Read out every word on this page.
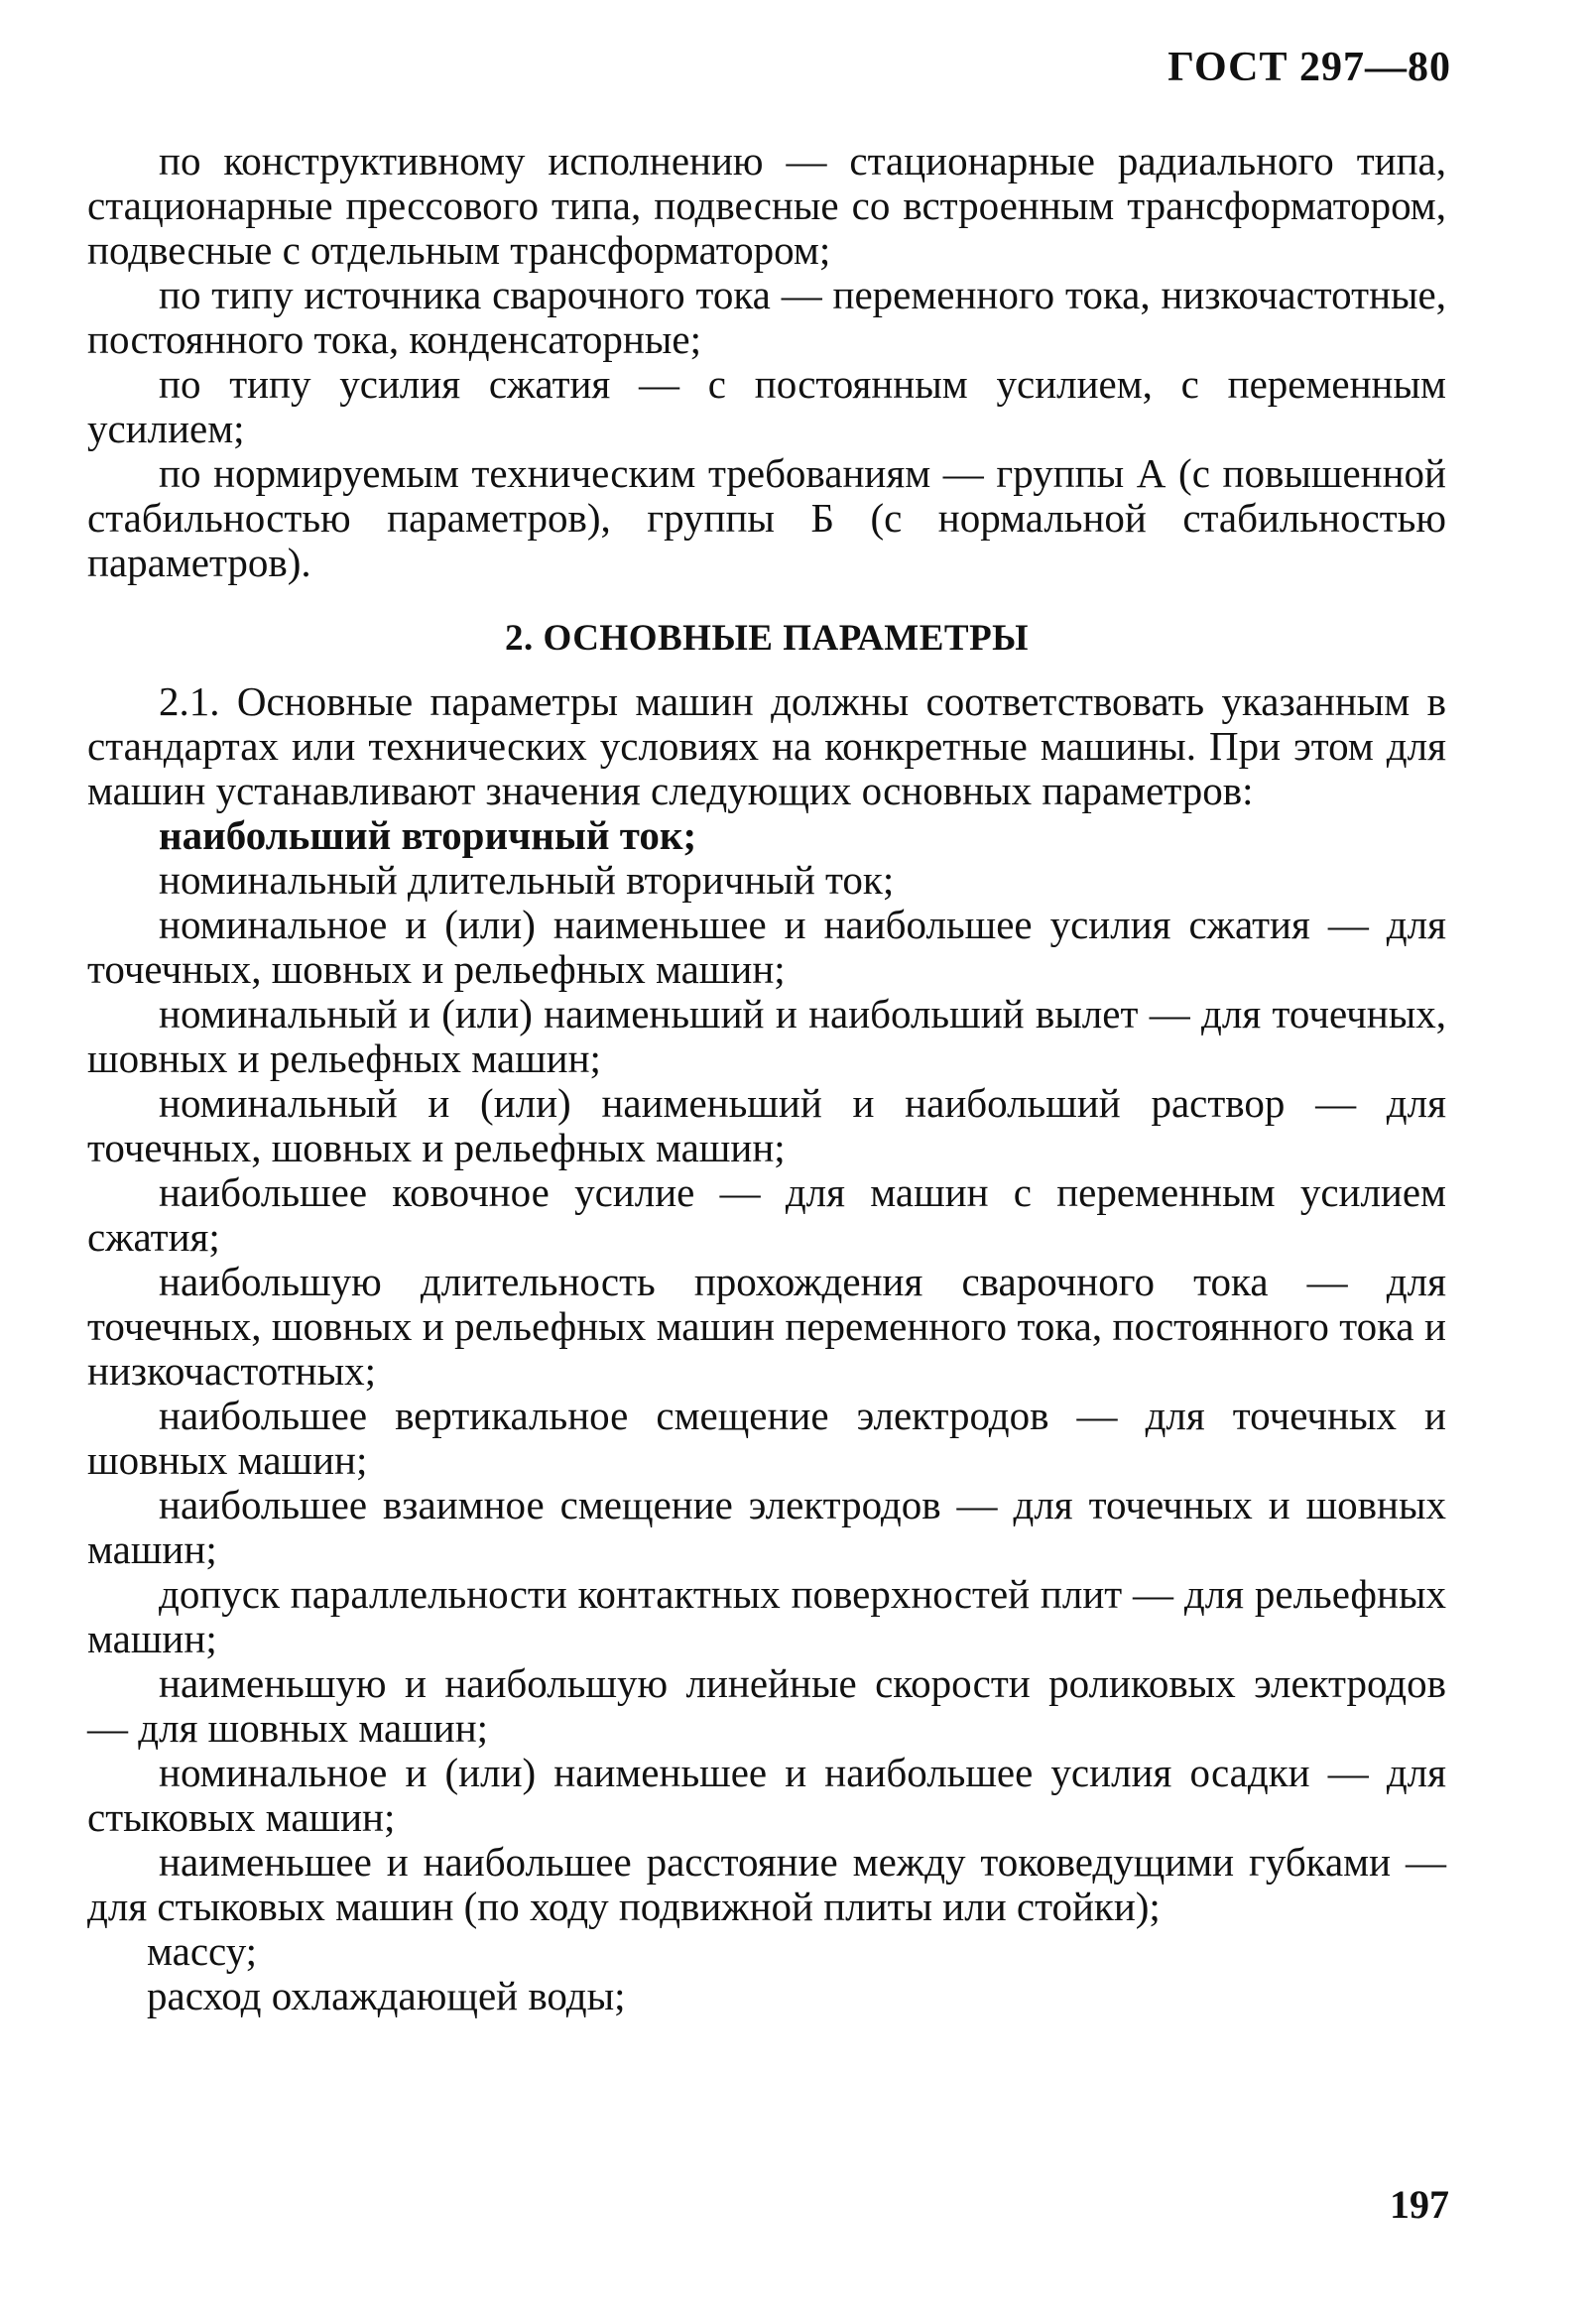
ГОСТ 297—80

по конструктивному исполнению — стационарные радиального типа, стационарные прессового типа, подвесные со встроенным трансформатором, подвесные с отдельным трансформатором;

по типу источника сварочного тока — переменного тока, низкочастотные, постоянного тока, конденсаторные;

по типу усилия сжатия — с постоянным усилием, с переменным усилием;

по нормируемым техническим требованиям — группы А (с повышенной стабильностью параметров), группы Б (с нормальной стабильностью параметров).

2. ОСНОВНЫЕ ПАРАМЕТРЫ

2.1. Основные параметры машин должны соответствовать указанным в стандартах или технических условиях на конкретные машины. При этом для машин устанавливают значения следующих основных параметров:

наибольший вторичный ток;

номинальный длительный вторичный ток;

номинальное и (или) наименьшее и наибольшее усилия сжатия — для точечных, шовных и рельефных машин;

номинальный и (или) наименьший и наибольший вылет — для точечных, шовных и рельефных машин;

номинальный и (или) наименьший и наибольший раствор — для точечных, шовных и рельефных машин;

наибольшее ковочное усилие — для машин с переменным усилием сжатия;

наибольшую длительность прохождения сварочного тока — для точечных, шовных и рельефных машин переменного тока, постоянного тока и низкочастотных;

наибольшее вертикальное смещение электродов — для точечных и шовных машин;

наибольшее взаимное смещение электродов — для точечных и шовных машин;

допуск параллельности контактных поверхностей плит — для рельефных машин;

наименьшую и наибольшую линейные скорости роликовых электродов — для шовных машин;

номинальное и (или) наименьшее и наибольшее усилия осадки — для стыковых машин;

наименьшее и наибольшее расстояние между токоведущими губками — для стыковых машин (по ходу подвижной плиты или стойки);

массу;

расход охлаждающей воды;

197
